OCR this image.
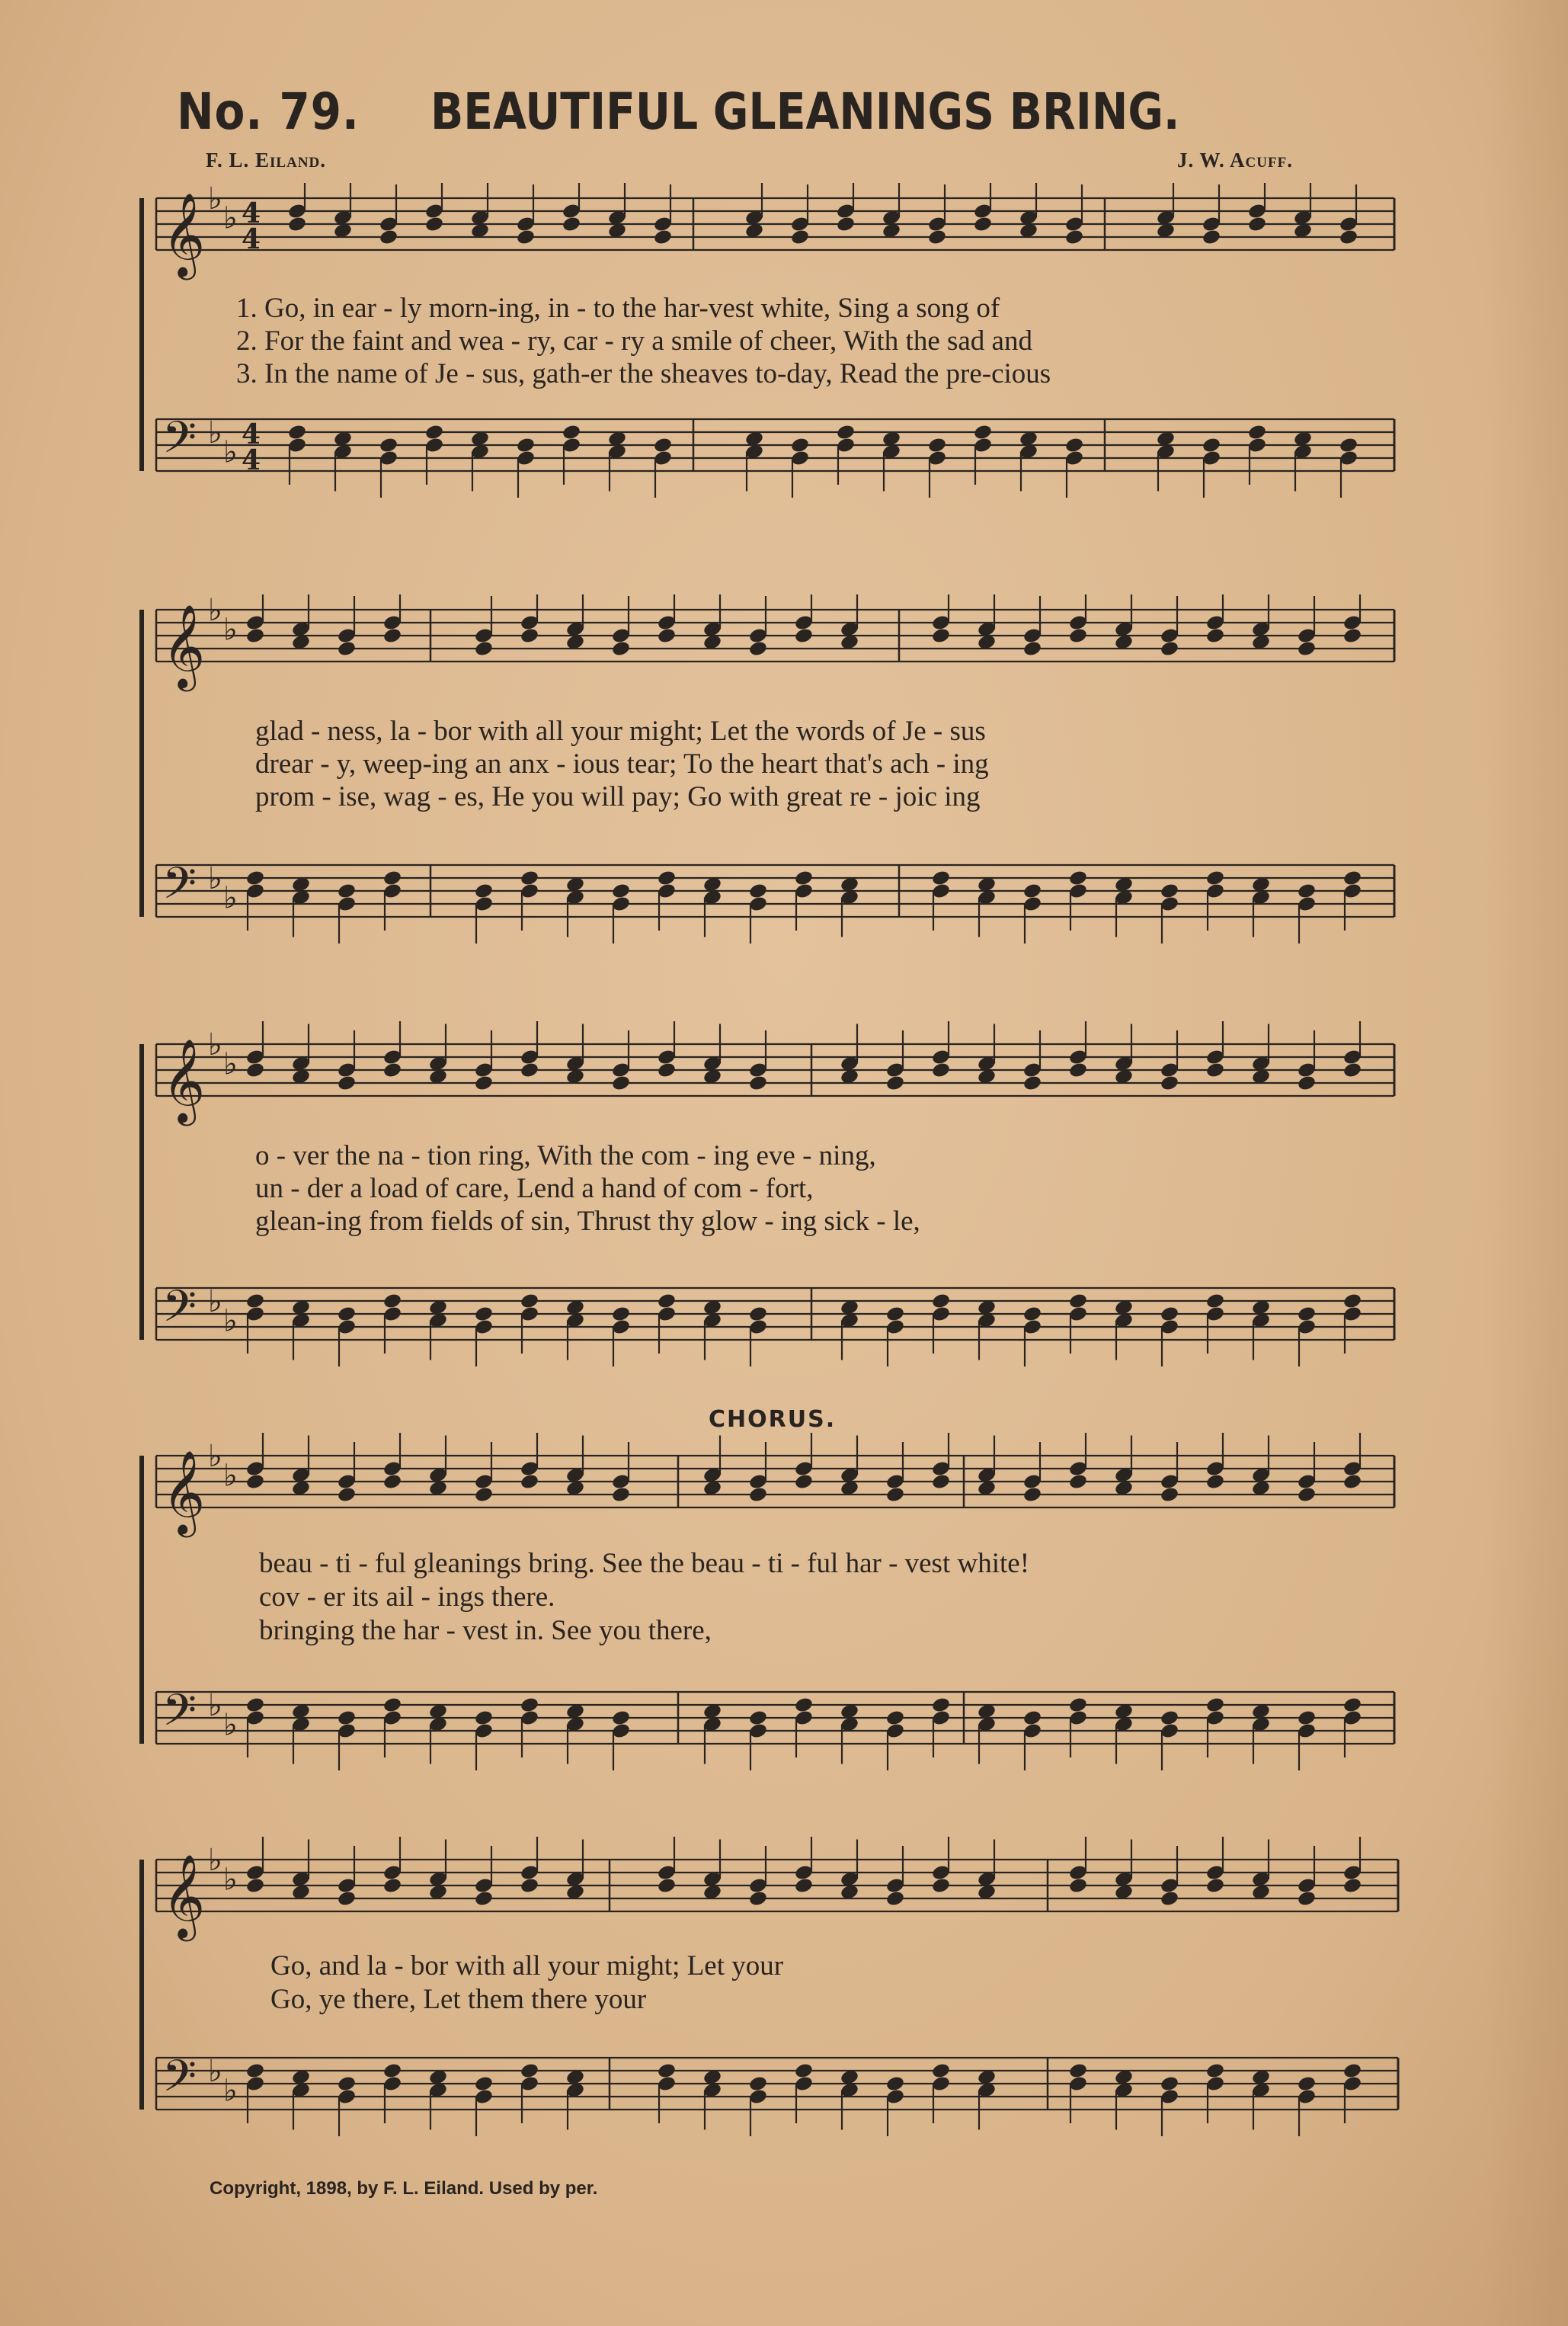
No. 79. BEAUTIFUL GLEANINGS BRING.
F. L. Eiland.	J. W. Acuff.
𝄞 ♭
♭ 4
4
𝄢 ♭
♭
4
4
1. Go, in ear - ly morn-ing, in - to the har-vest white, Sing a song of
2. For the faint and wea - ry, car - ry a smile of cheer, With the sad and
3. In the name of Je - sus, gath-er the sheaves to-day, Read the pre-cious
𝄞 ♭
♭
𝄢 ♭
♭
glad - ness, la - bor with all your might; Let the words of Je - sus
drear - y, weep-ing an anx - ious tear; To the heart that's ach - ing
prom - ise, wag - es, He you will pay; Go with great re - joic ing
𝄞 ♭
♭
𝄢 ♭
♭
o - ver the na - tion ring, With the com - ing eve - ning,
un - der a load of care, Lend a hand of com - fort,
glean-ing from fields of sin, Thrust thy glow - ing sick - le,
CHORUS.
𝄞 ♭
♭
𝄢 ♭
♭
beau - ti - ful gleanings bring. See the beau - ti - ful har - vest white!
cov - er its ail - ings there.
bringing the har - vest in. See you there,
𝄞 ♭
♭
𝄢 ♭
♭
Go, and la - bor with all your might; Let your
Go, ye there, Let them there your
Copyright, 1898, by F. L. Eiland. Used by per.
